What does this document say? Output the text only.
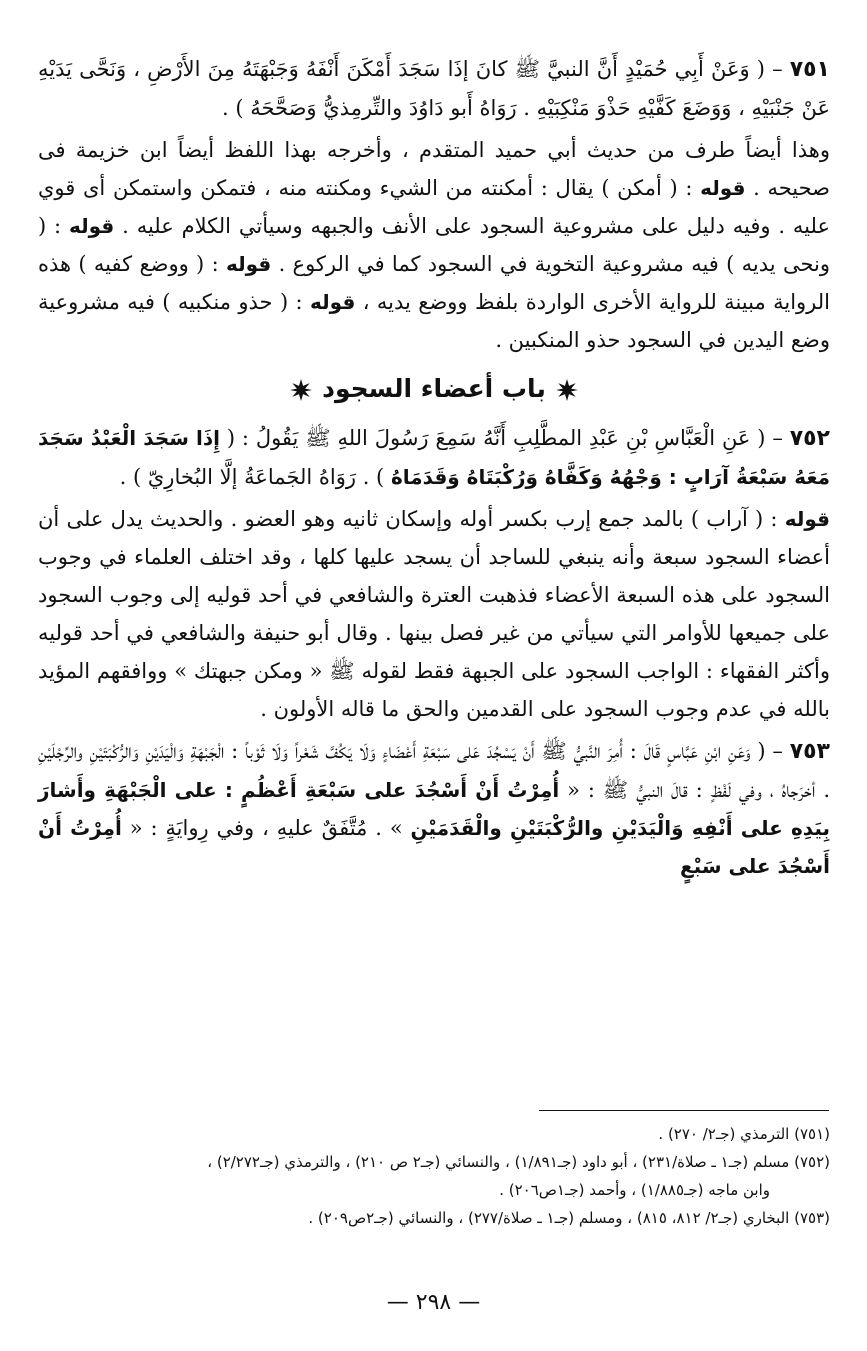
٧٥١ – ( وَعَنْ أَبِي حُمَيْدٍ أَنَّ النبيَّ ﷺ كانَ إذَا سَجَدَ أَمْكَنَ أَنْفَهُ وَجَبْهَتَهُ مِنَ الأَرْضِ ، وَنَحَّى يَدَيْهِ عَنْ جَنْبَيْهِ ، وَوَضَعَ كَفَّيْهِ حَذْوَ مَنْكِبَيْهِ . رَوَاهُ أَبو دَاوُدَ والتِّرمِذيُّ وَصَحَّحَهُ ) .

وهذا أيضاً طرف من حديث أبي حميد المتقدم ، وأخرجه بهذا اللفظ أيضاً ابن خزيمة فى صحيحه . قوله : ( أمكن ) يقال : أمكنته من الشيء ومكنته منه ، فتمكن واستمكن أى قوي عليه . وفيه دليل على مشروعية السجود على الأنف والجبهه وسيأتي الكلام عليه . قوله : ( ونحى يديه ) فيه مشروعية التخوية في السجود كما في الركوع . قوله : ( ووضع كفيه ) هذه الرواية مبينة للرواية الأخرى الواردة بلفظ ووضع يديه ، قوله : ( حذو منكبيه ) فيه مشروعية وضع اليدين في السجود حذو المنكبين .

باب أعضاء السجود

٧٥٢ – ( عَنِ الْعَبَّاسِ بْنِ عَبْدِ المطَّلِبِ أَنَّهُ سَمِعَ رَسُولَ اللهِ ﷺ يَقُولُ : ( إِذَا سَجَدَ الْعَبْدُ سَجَدَ مَعَهُ سَبْعَةُ آرَابٍ : وَجْهُهُ وَكَفَّاهُ وَرُكْبَتَاهُ وَقَدَمَاهُ ) . رَوَاهُ الجَماعَةُ إلَّا البُخارِيّ ) .

قوله : ( آراب ) بالمد جمع إرب بكسر أوله وإسكان ثانيه وهو العضو . والحديث يدل على أن أعضاء السجود سبعة وأنه ينبغي للساجد أن يسجد عليها كلها ، وقد اختلف العلماء في وجوب السجود على هذه السبعة الأعضاء فذهبت العترة والشافعي في أحد قوليه إلى وجوب السجود على جميعها للأوامر التي سيأتي من غير فصل بينها . وقال أبو حنيفة والشافعي في أحد قوليه وأكثر الفقهاء : الواجب السجود على الجبهة فقط لقوله ﷺ « ومكن جبهتك » ووافقهم المؤيد بالله في عدم وجوب السجود على القدمين والحق ما قاله الأولون .

٧٥٣ – ( وَعَنِ ابْنِ عَبَّاسٍ قَالَ : أُمِرَ النَّبيُّ ﷺ أَنْ يَسْجُدَ عَلى سَبْعَةِ أَعْضَاءٍ وَلَا يَكُفَّ شَعْراً وَلَا ثَوْباً : الْجَبْهَةِ وَالْيَدَيْنِ وَالرُّكْبَتَيْنِ والرِّجْلَيْنِ . أخرَجاهُ ، وفي لَفْظٍ : قالَ النبيُّ ﷺ : « أُمِرْتُ أَنْ أَسْجُدَ على سَبْعَةِ أَعْظُمٍ : على الْجَبْهَةِ وأَشارَ بِيَدِهِ على أَنْفِهِ وَالْيَدَيْنِ والرُّكْبَتَيْنِ والْقَدَمَيْنِ » . مُتَّفَقٌ عليهِ ، وفي رِوايَةٍ : « أُمِرْتُ أَنْ أَسْجُدَ على سَبْعٍ

(٧٥١) الترمذي (جـ٢/ ٢٧٠) .

(٧٥٢) مسلم (جـ١ ـ صلاة/٢٣١) ، أبو داود (جـ١/٨٩١) ، والنسائي (جـ٢ ص ٢١٠) ، والترمذي (جـ٢/٢٧٢) ،

وابن ماجه (جـ١/٨٨٥) ، وأحمد (جـ١ص٢٠٦) .

(٧٥٣) البخاري (جـ٢/ ٨١٢، ٨١٥) ، ومسلم (جـ١ ـ صلاة/٢٧٧) ، والنسائي (جـ٢ص٢٠٩) .

— ٢٩٨ —
